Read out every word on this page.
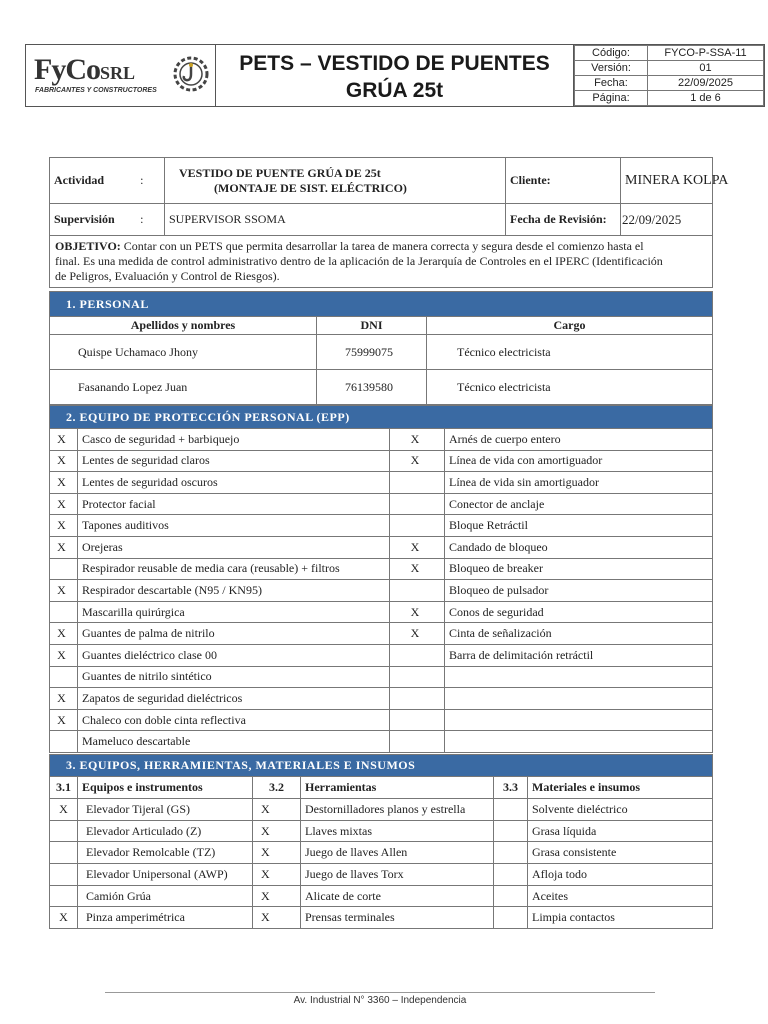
FyCoSRL
FABRICANTES Y CONSTRUCTORES
PETS – VESTIDO DE PUENTES
GRÚA 25t
Código:	FYCO-P-SSA-11
Versión:	01
Fecha:	22/09/2025
Página:	1 de 6
Actividad	:	VESTIDO DE PUENTE GRÚA DE 25t
(MONTAJE DE SIST. ELÉCTRICO)	Cliente:	MINERA KOLPA
Supervisión	:	SUPERVISOR SSOMA	Fecha de Revisión:	22/09/2025

OBJETIVO: Contar con un PETS que permita desarrollar la tarea de manera correcta y segura desde el comienzo hasta el
final. Es una medida de control administrativo dentro de la aplicación de la Jerarquía de Controles en el IPERC (Identificación
de Peligros, Evaluación y Control de Riesgos).				
1. PERSONAL		
Apellidos y nombres	DNI	Cargo
Quispe Uchamaco Jhony	75999075	Técnico electricista
Fasanando Lopez Juan	76139580	Técnico electricista
2. EQUIPO DE PROTECCIÓN PERSONAL (EPP)			
X	Casco de seguridad + barbiquejo	X	Arnés de cuerpo entero
X	Lentes de seguridad claros	X	Línea de vida con amortiguador
X	Lentes de seguridad oscuros		Línea de vida sin amortiguador
X	Protector facial		Conector de anclaje
X	Tapones auditivos		Bloque Retráctil
X	Orejeras	X	Candado de bloqueo
	Respirador reusable de media cara (reusable) + filtros	X	Bloqueo de breaker
X	Respirador descartable (N95 / KN95)		Bloqueo de pulsador
	Mascarilla quirúrgica	X	Conos de seguridad
X	Guantes de palma de nitrilo	X	Cinta de señalización
X	Guantes dieléctrico clase 00		Barra de delimitación retráctil
	Guantes de nitrilo sintético		
X	Zapatos de seguridad dieléctricos		
X	Chaleco con doble cinta reflectiva		
	Mameluco descartable		
3. EQUIPOS, HERRAMIENTAS, MATERIALES E INSUMOS					
3.1	Equipos e instrumentos	3.2	Herramientas	3.3	Materiales e insumos
X	Elevador Tijeral (GS)	X	Destornilladores planos y estrella		Solvente dieléctrico
	Elevador Articulado (Z)	X	Llaves mixtas		Grasa líquida
	Elevador Remolcable (TZ)	X	Juego de llaves Allen		Grasa consistente
	Elevador Unipersonal (AWP)	X	Juego de llaves Torx		Afloja todo
	Camión Grúa	X	Alicate de corte		Aceites
X	Pinza amperimétrica	X	Prensas terminales		Limpia contactos
Av. Industrial N° 3360 – Independencia
